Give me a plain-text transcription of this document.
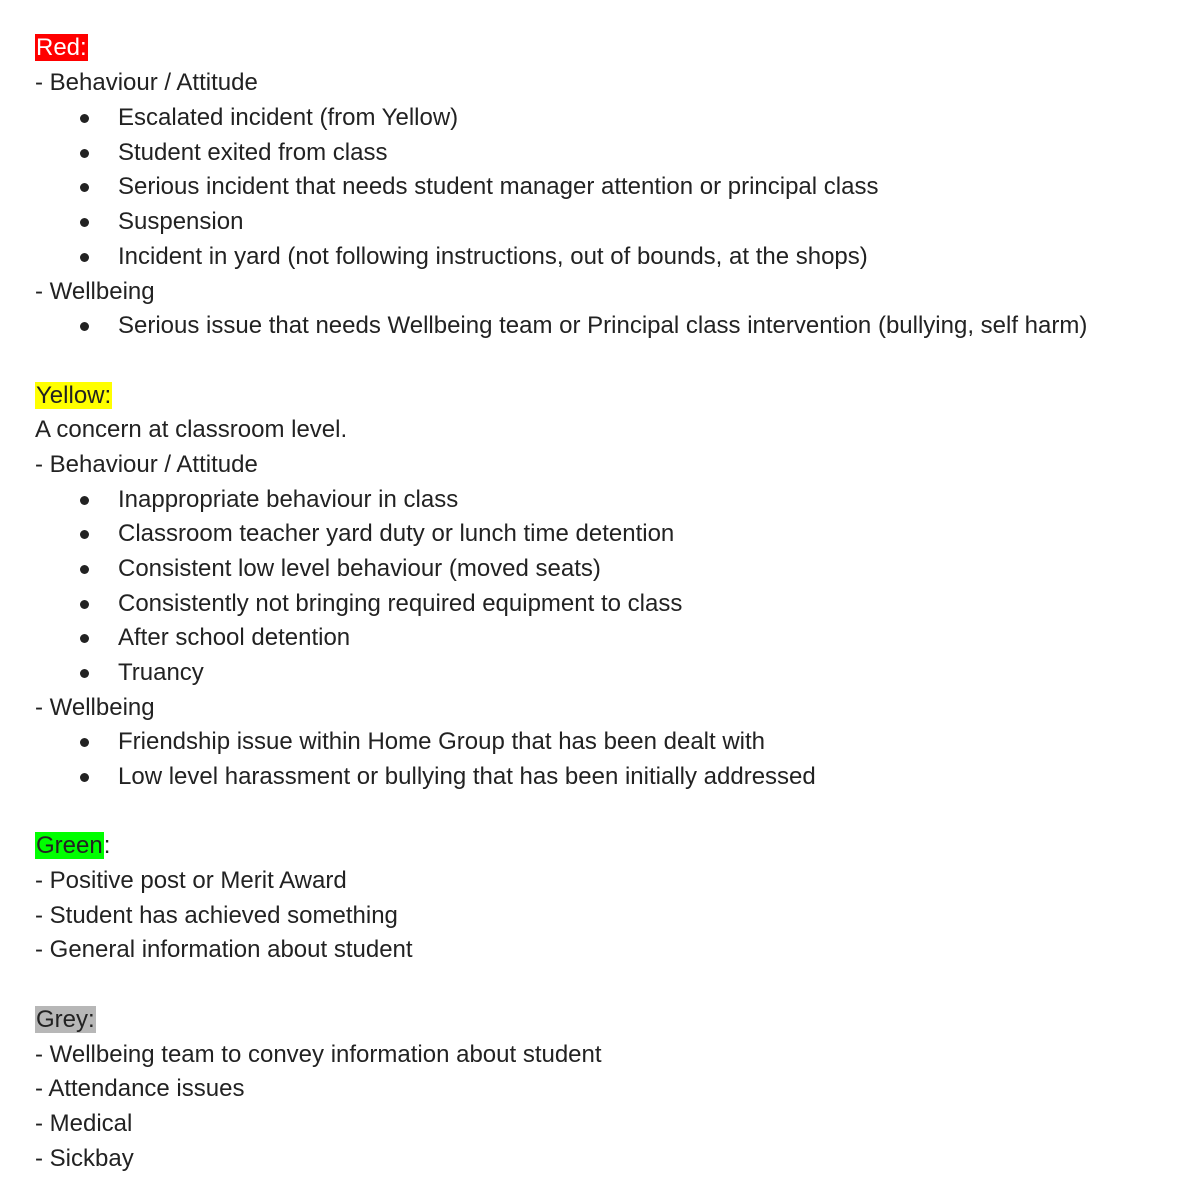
Red:
- Behaviour / Attitude
Escalated incident (from Yellow)
Student exited from class
Serious incident that needs student manager attention or principal class
Suspension
Incident in yard (not following instructions, out of bounds, at the shops)
- Wellbeing
Serious issue that needs Wellbeing team or Principal class intervention (bullying, self harm)
Yellow:
A concern at classroom level.
- Behaviour / Attitude
Inappropriate behaviour in class
Classroom teacher yard duty or lunch time detention
Consistent low level behaviour (moved seats)
Consistently not bringing required equipment to class
After school detention
Truancy
- Wellbeing
Friendship issue within Home Group that has been dealt with
Low level harassment or bullying that has been initially addressed
Green:
- Positive post or Merit Award
- Student has achieved something
- General information about student
Grey:
- Wellbeing team to convey information about student
- Attendance issues
- Medical
- Sickbay
